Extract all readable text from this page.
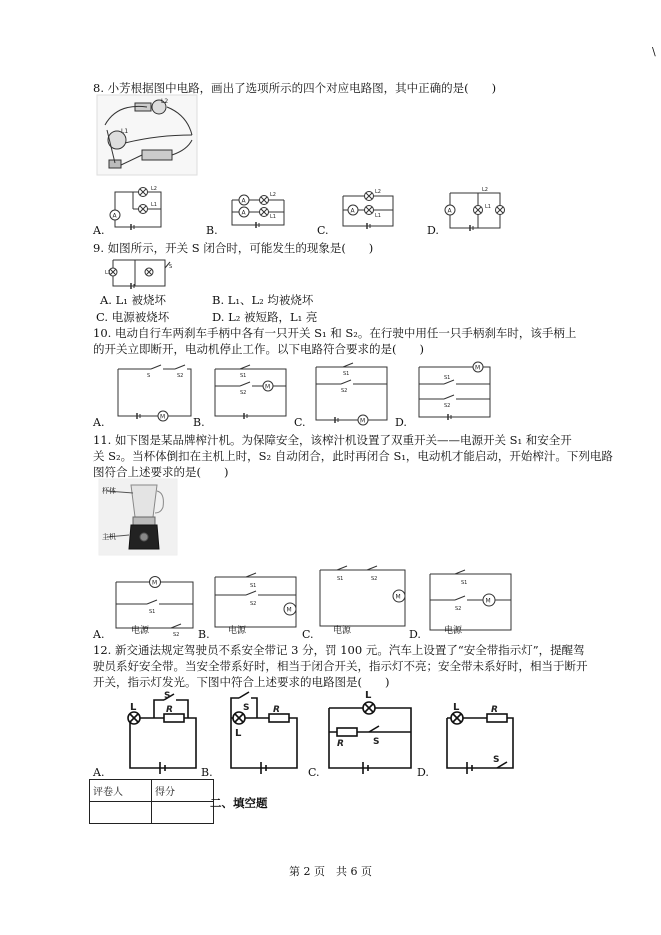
\
8. 小芳根据图中电路，画出了选项所示的四个对应电路图，其中正确的是(　　)
L2
L1
A
L2
L1
A.
A
A
L2
L1
B.
A
L2
L1
C.
A
L2
L1
D.
9. 如图所示，开关 S 闭合时，可能发生的现象是(　　)
L1
S
A. L₁ 被烧坏	B. L₁、L₂ 均被烧坏
C. 电源被烧坏	D. L₂ 被短路，L₁ 亮
10. 电动自行车两刹车手柄中各有一只开关 S₁ 和 S₂。在行驶中用任一只手柄刹车时，该手柄上
的开关立即断开，电动机停止工作。以下电路符合要求的是(　　)
M
S	S2
A.
M
S1
S2
B.	M
S1
S2
C.
M
S1
S2
D.
11. 如下图是某品牌榨汁机。为保障安全，该榨汁机设置了双重开关——电源开关 S₁ 和安全开
关 S₂。当杯体倒扣在主机上时，S₂ 自动闭合，此时再闭合 S₁，电动机才能启动，开始榨汁。下列电路
图符合上述要求的是(　　)
杯体
主机
M
S1
S2
电源
A.
M
S1
S2
电源
B.
M
S1	S2
电源
C.
M
S1
S2
电源
D.
12. 新交通法规定驾驶员不系安全带记 3 分，罚 100 元。汽车上设置了“安全带指示灯”，提醒驾
驶员系好安全带。当安全带系好时，相当于闭合开关，指示灯不亮；安全带未系好时，相当于断开
开关，指示灯发光。下图中符合上述要求的电路图是(　　)
L	R
S
A.
L
R
S
B.
L
R	S
C.
L	R
S
D.
评卷人	得分

二、填空题
第 2 页　共 6 页
